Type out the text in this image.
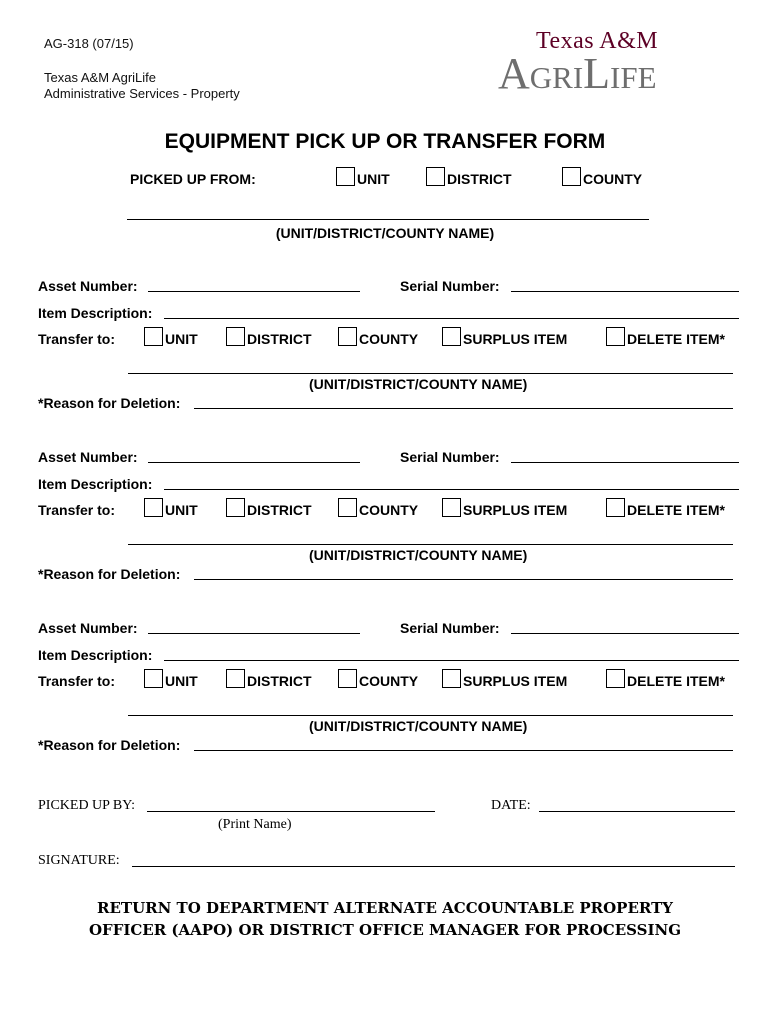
AG-318 (07/15)
Texas A&M AgriLife
Administrative Services - Property
Texas A&M
AgriLife
EQUIPMENT PICK UP OR TRANSFER FORM
PICKED UP FROM:	UNIT	DISTRICT	COUNTY
(UNIT/DISTRICT/COUNTY NAME)
Asset Number:	Serial Number:
Item Description:
Transfer to:	UNIT	DISTRICT	COUNTY	SURPLUS ITEM	DELETE ITEM*
(UNIT/DISTRICT/COUNTY NAME)
*Reason for Deletion:
Asset Number:	Serial Number:
Item Description:
Transfer to:	UNIT	DISTRICT	COUNTY	SURPLUS ITEM	DELETE ITEM*
(UNIT/DISTRICT/COUNTY NAME)
*Reason for Deletion:
Asset Number:	Serial Number:
Item Description:
Transfer to:	UNIT	DISTRICT	COUNTY	SURPLUS ITEM	DELETE ITEM*
(UNIT/DISTRICT/COUNTY NAME)
*Reason for Deletion:
PICKED UP BY:
(Print Name)
DATE:
SIGNATURE:
RETURN TO DEPARTMENT ALTERNATE ACCOUNTABLE PROPERTY
OFFICER (AAPO) OR DISTRICT OFFICE MANAGER FOR PROCESSING
